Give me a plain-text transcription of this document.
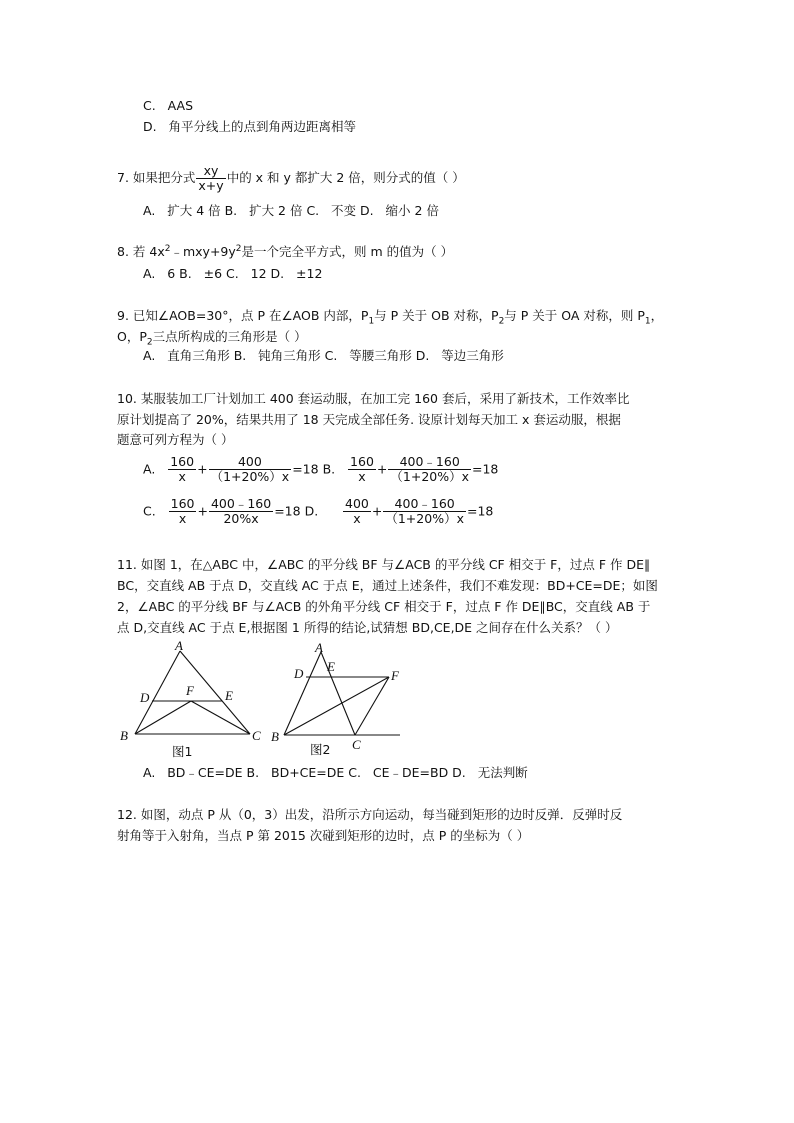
C.   AAS
D.   角平分线上的点到角两边距离相等
7. 如果把分式 $\frac{xy}{x+y}$ 中的 x 和 y 都扩大 2 倍，则分式的值（ ）
A.   扩大 4 倍 B.   扩大 2 倍 C.   不变 D.   缩小 2 倍
8. 若 $4x^2﹣mxy+9y^2$是一个完全平方式，则 m 的值为（ ）
A.   6 B.   ±6 C.   12 D.   ±12
9. 已知∠AOB=30°，点 P 在∠AOB 内部，$P_1$与 P 关于 OB 对称，$P_2$与 P 关于 OA 对称，则 $P_1$，
O，$P_2$三点所构成的三角形是（ ）
A.   直角三角形 B.   钝角三角形 C.   等腰三角形 D.   等边三角形
10. 某服装加工厂计划加工 400 套运动服，在加工完 160 套后，采用了新技术，工作效率比
原计划提高了 20%，结果共用了 18 天完成全部任务. 设原计划每天加工 x 套运动服，根据
题意可列方程为（ ）
A. $\frac{160}{x} + \frac{400}{(1+20\%)x} =18$ B. $\frac{160}{x} + \frac{400﹣160}{(1+20\%)x} =18$
C. $\frac{160}{x} + \frac{400﹣160}{20\%x} =18$ D. $\frac{400}{x} + \frac{400﹣160}{(1+20\%)x} =18$
11. 如图 1，在△ABC 中，∠ABC 的平分线 BF 与∠ACB 的平分线 CF 相交于 F，过点 F 作 DE∥
BC，交直线 AB 于点 D，交直线 AC 于点 E，通过上述条件，我们不难发现：BD+CE=DE；如图
2，∠ABC 的平分线 BF 与∠ACB 的外角平分线 CF 相交于 F，过点 F 作 DE∥BC，交直线 AB 于
点 D,交直线 AC 于点 E,根据图 1 所得的结论,试猜想 BD,CE,DE 之间存在什么关系？（ ）
A
B	C
D	E
F
图1
A
B
C
D E
F
图2
A.   BD﹣CE=DE B.   BD+CE=DE C.   CE﹣DE=BD D.   无法判断
12. 如图，动点 P 从（0，3）出发，沿所示方向运动，每当碰到矩形的边时反弹．反弹时反
射角等于入射角，当点 P 第 2015 次碰到矩形的边时，点 P 的坐标为（ ）
